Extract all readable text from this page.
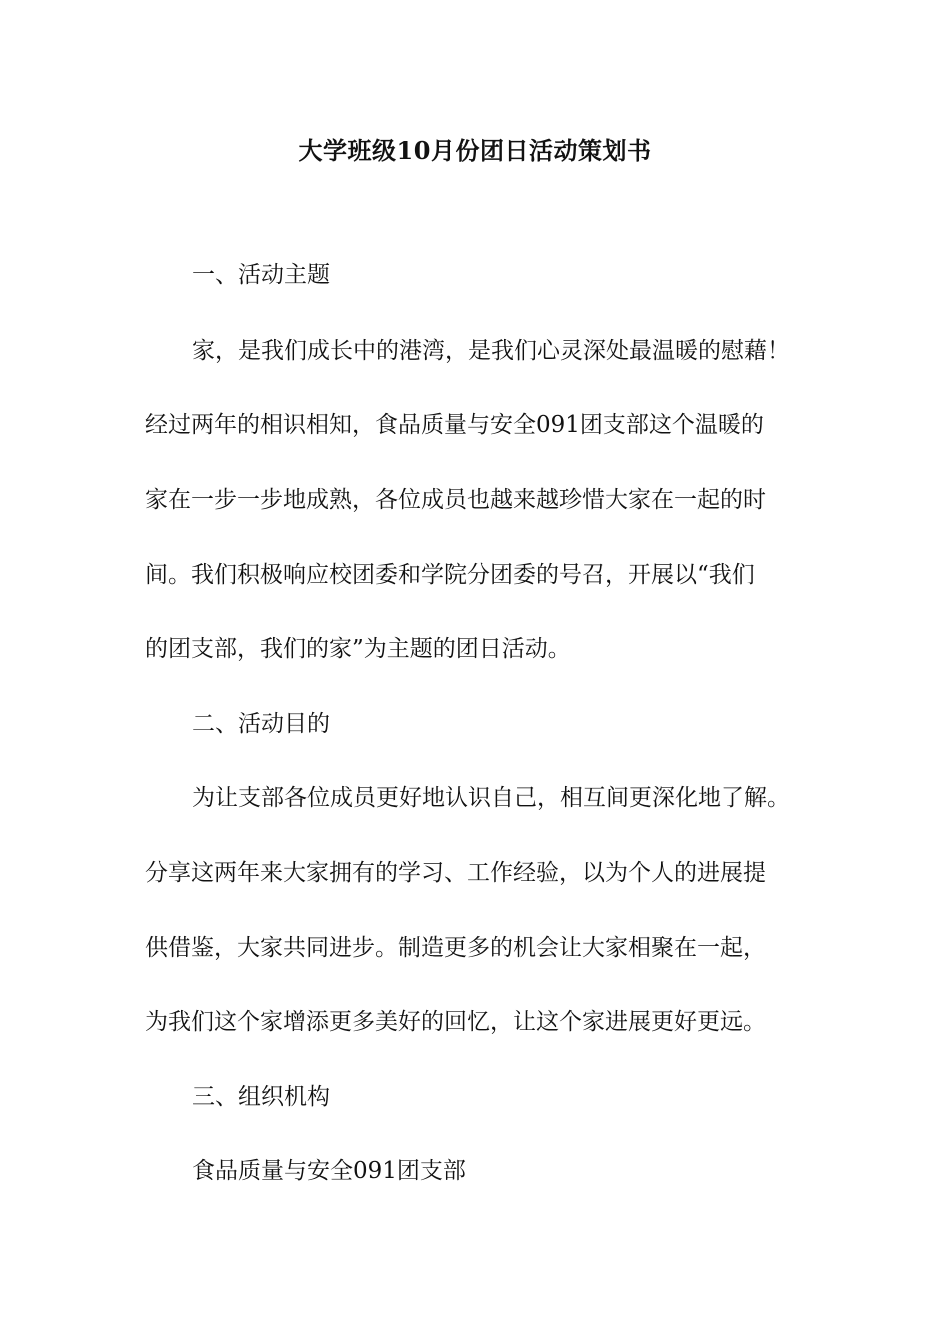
大学班级10月份团日活动策划书
一、活动主题
家，是我们成长中的港湾，是我们心灵深处最温暖的慰藉！
经过两年的相识相知，食品质量与安全091团支部这个温暖的
家在一步一步地成熟，各位成员也越来越珍惜大家在一起的时
间。我们积极响应校团委和学院分团委的号召，开展以“我们
的团支部，我们的家”为主题的团日活动。
二、活动目的
为让支部各位成员更好地认识自己，相互间更深化地了解。
分享这两年来大家拥有的学习、工作经验，以为个人的进展提
供借鉴，大家共同进步。制造更多的机会让大家相聚在一起，
为我们这个家增添更多美好的回忆，让这个家进展更好更远。
三、组织机构
食品质量与安全091团支部
